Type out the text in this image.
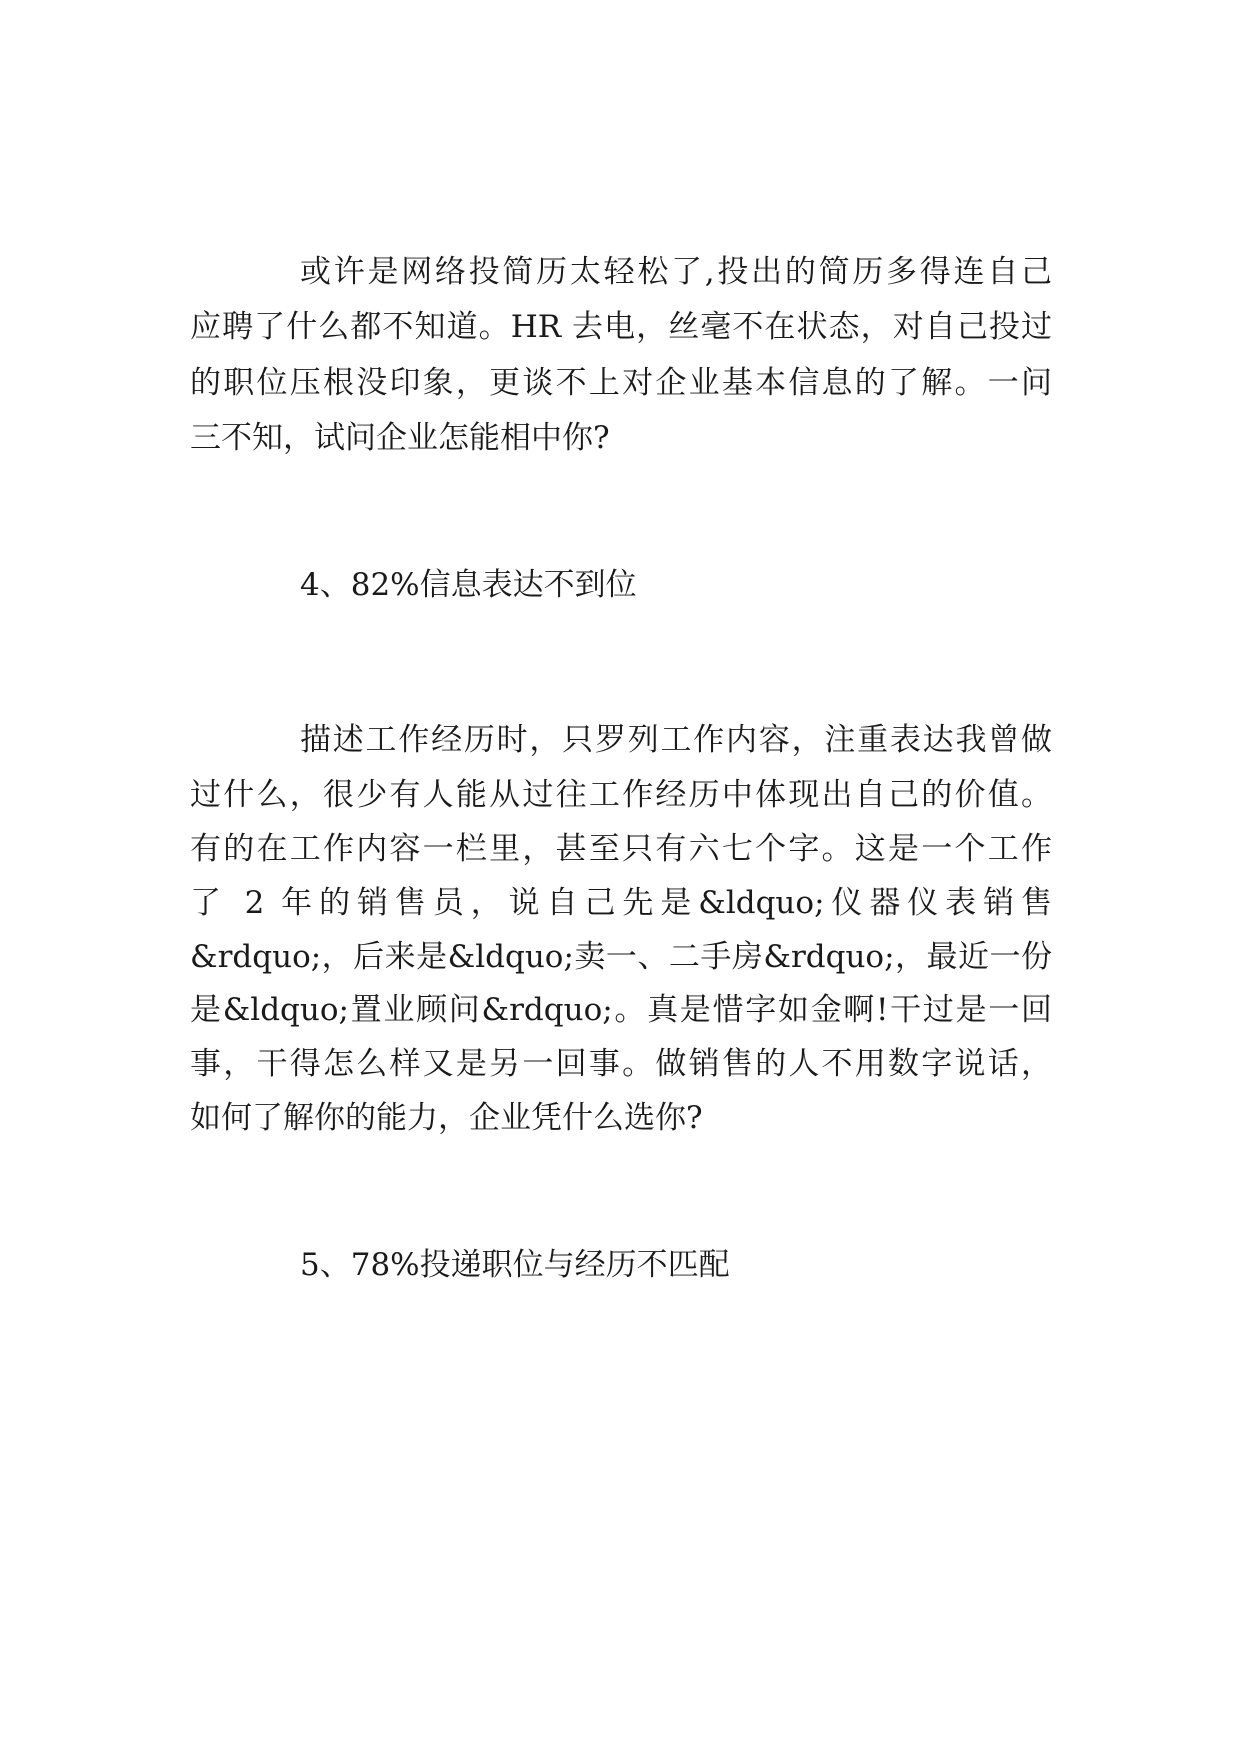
或许是网络投简历太轻松了,投出的简历多得连自己
应聘了什么都不知道。HR 去电，丝毫不在状态，对自己投过
的职位压根没印象，更谈不上对企业基本信息的了解。一问
三不知，试问企业怎能相中你?
4、82%信息表达不到位
描述工作经历时，只罗列工作内容，注重表达我曾做
过什么，很少有人能从过往工作经历中体现出自己的价值。
有的在工作内容一栏里，甚至只有六七个字。这是一个工作
了 2 年的销售员，说自己先是&ldquo;仪器仪表销售
&rdquo;，后来是&ldquo;卖一、二手房&rdquo;，最近一份
是&ldquo;置业顾问&rdquo;。真是惜字如金啊!干过是一回
事，干得怎么样又是另一回事。做销售的人不用数字说话，
如何了解你的能力，企业凭什么选你?
5、78%投递职位与经历不匹配
